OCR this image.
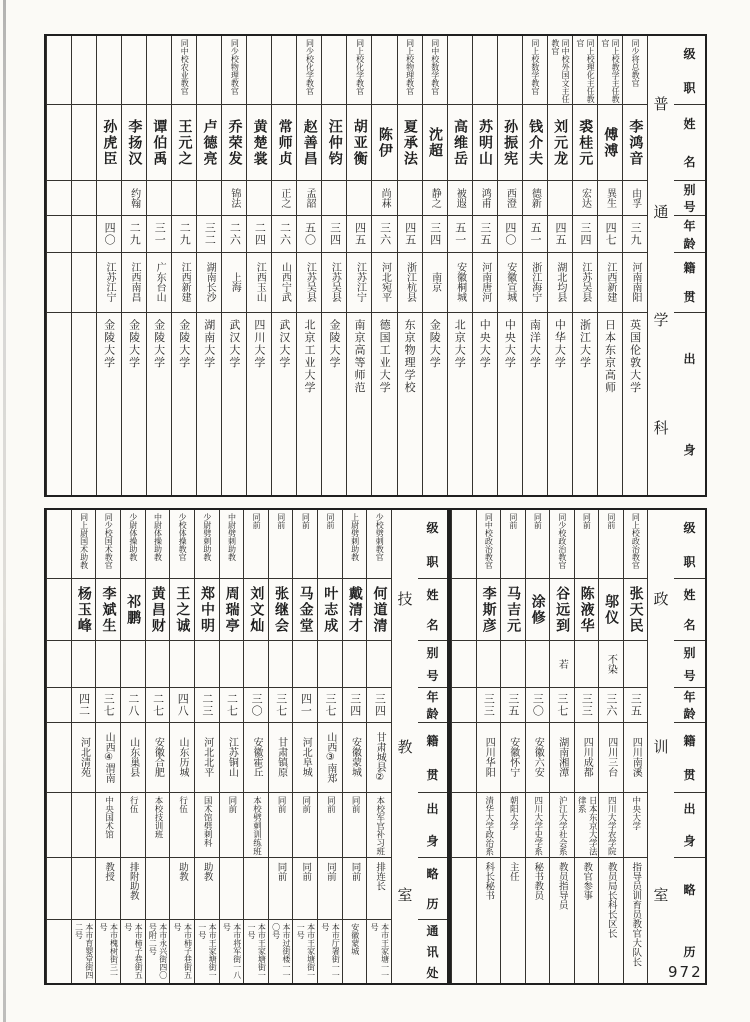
级
职
姓
名
别
号
年
龄
籍
贯
出
身
普
通
学
科
同少将总教官
李鸿音
由孚
三九
河南南阳
英国伦敦大学
同上校教学主任教官
傅溥
異生
四七
江西新建
日本东京高师
同上校理化主任教官
裘桂元
宏达
三四
江苏吴县
浙江大学
同中校外国文主任教官
刘元龙
四五
湖北均县
中华大学
同上校数学教官
钱介夫
德新
五一
浙江海宁
南洋大学
孙振宪
西澄
四〇
安徽宣城
中央大学
苏明山
鸿甫
三五
河南唐河
中央大学
高维岳
被遐
五一
安徽桐城
北京大学
同中校数学教官
沈超
静之
三四
南京
金陵大学
同上校物理教官
夏承法
四五
浙江杭县
东京物理学校
陈伊
尚菻
三六
河北宛平
德国工业大学
同上校化学教官
胡亚衡
四五
江苏江宁
南京高等师范
汪仲钧
三四
江苏吴县
金陵大学
同少校化学教官
赵善昌
孟韶
五〇
江苏吴县
北京工业大学
常师贞
正之
二六
山西宁武
武汉大学
黄楚裳
二四
江西玉山
四川大学
同少校物理教官
乔荣发
锦法
二六
上海
武汉大学
卢德亮
三二
湖南长沙
湖南大学
同中校农业教官
王元之
二九
江西新建
金陵大学
谭伯禹
三一
广东台山
金陵大学
李扬汉
约翰
二九
江西南昌
金陵大学
孙虎臣
四〇
江苏江宁
金陵大学
级
职
姓
名
别
号
年
龄
籍
贯
出
身
略
历
政
训
室
同上校政治教官
张天民
三五
四川南溪
中央大学
指导员训育员教官大队长
同前
邬仪
不染
三六
四川三台
四川大学农学院
教员局长科长区长
同前
陈液华
三三
四川成都
日本东京大学法律系
教官参事
同少校政治教官
谷远到
若
三七
湖南湘潭
沪江大学社会系
教员指导员
同前
涂修
三〇
安徽六安
四川大学史学系
秘书教员
同前
马吉元
三五
安徽怀宁
朝阳大学
主任
同中校政治教官
李斯彦
三三
四川华阳
清华大学政治系
科长秘书
级
职
姓
名
别
号
年
龄
籍
贯
出
身
略
历
通
讯
处
技
教
室
少校劈刺教官
何道清
三四
甘肃城县②
本校军官补习班
排连长
本市王家塘一一号
上尉劈刺助教
戴清才
三四
安徽蒙城
同前
同前
安徽蒙城
同前
叶志成
三七
山西③南郑
同前
同前
本市厅署街一一号
同前
马金堂
四一
河北阜城
同前
同前
本市王家塘街一一号
同前
张继会
三七
甘肃镇原
同前
同前
本市过街楼一一〇号
同前
刘文灿
三〇
安徽霍丘
本校劈刺训练班
本市王家塘街一一号
中尉劈刺助教
周瑞亭
二七
江苏铜山
同前
本市将军街一八号
少尉劈刺助教
郑中明
二三
河北北平
国术馆劈刺科
助教
本市王家塘街一一号
少校体操教官
王之诚
四八
山东历城
行伍
助教
本市柿子巷街五号
中尉体操助教
黄昌财
二七
安徽合肥
本校技训班
本市永兴街四〇号附二号
少尉体操助教
祁鹏
二八
山东巢县
行伍
排附助教
本市柿子巷街五号
同少校国术教官
李斌生
三七
山西④渭南
中央国术馆
教授
本市槐树街三一号
同上尉国术助教
杨玉峰
四二
河北清苑
本市育婴堂街四二号
972
